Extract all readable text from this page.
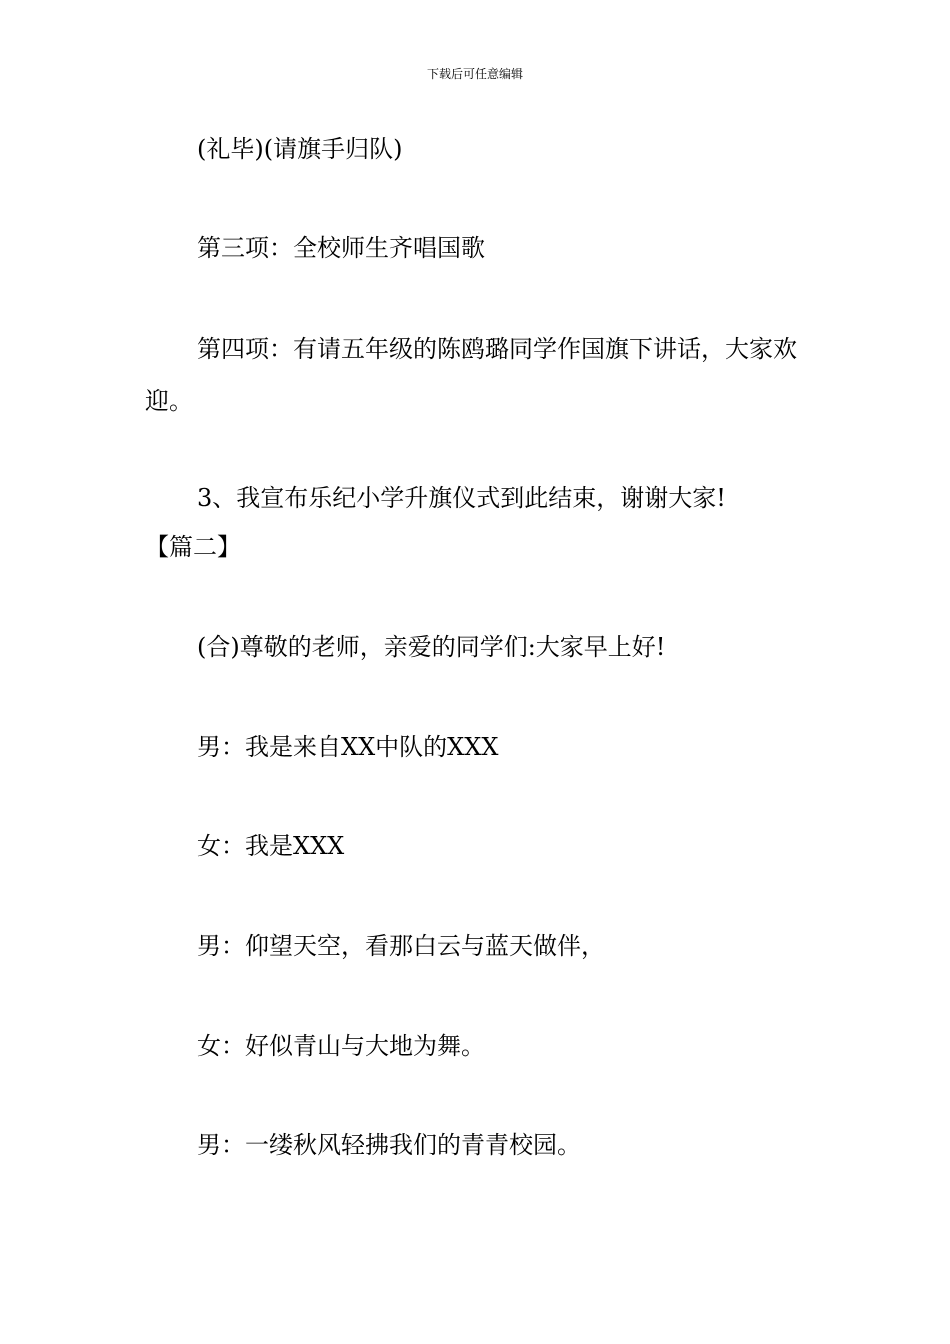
下载后可任意编辑
(礼毕)(请旗手归队)
第三项：全校师生齐唱国歌
第四项：有请五年级的陈鸥璐同学作国旗下讲话，大家欢迎。
3、我宣布乐纪小学升旗仪式到此结束，谢谢大家!
【篇二】
(合)尊敬的老师，亲爱的同学们:大家早上好!
男：我是来自XX中队的XXX
女：我是XXX
男：仰望天空，看那白云与蓝天做伴，
女：好似青山与大地为舞。
男：一缕秋风轻拂我们的青青校园。
